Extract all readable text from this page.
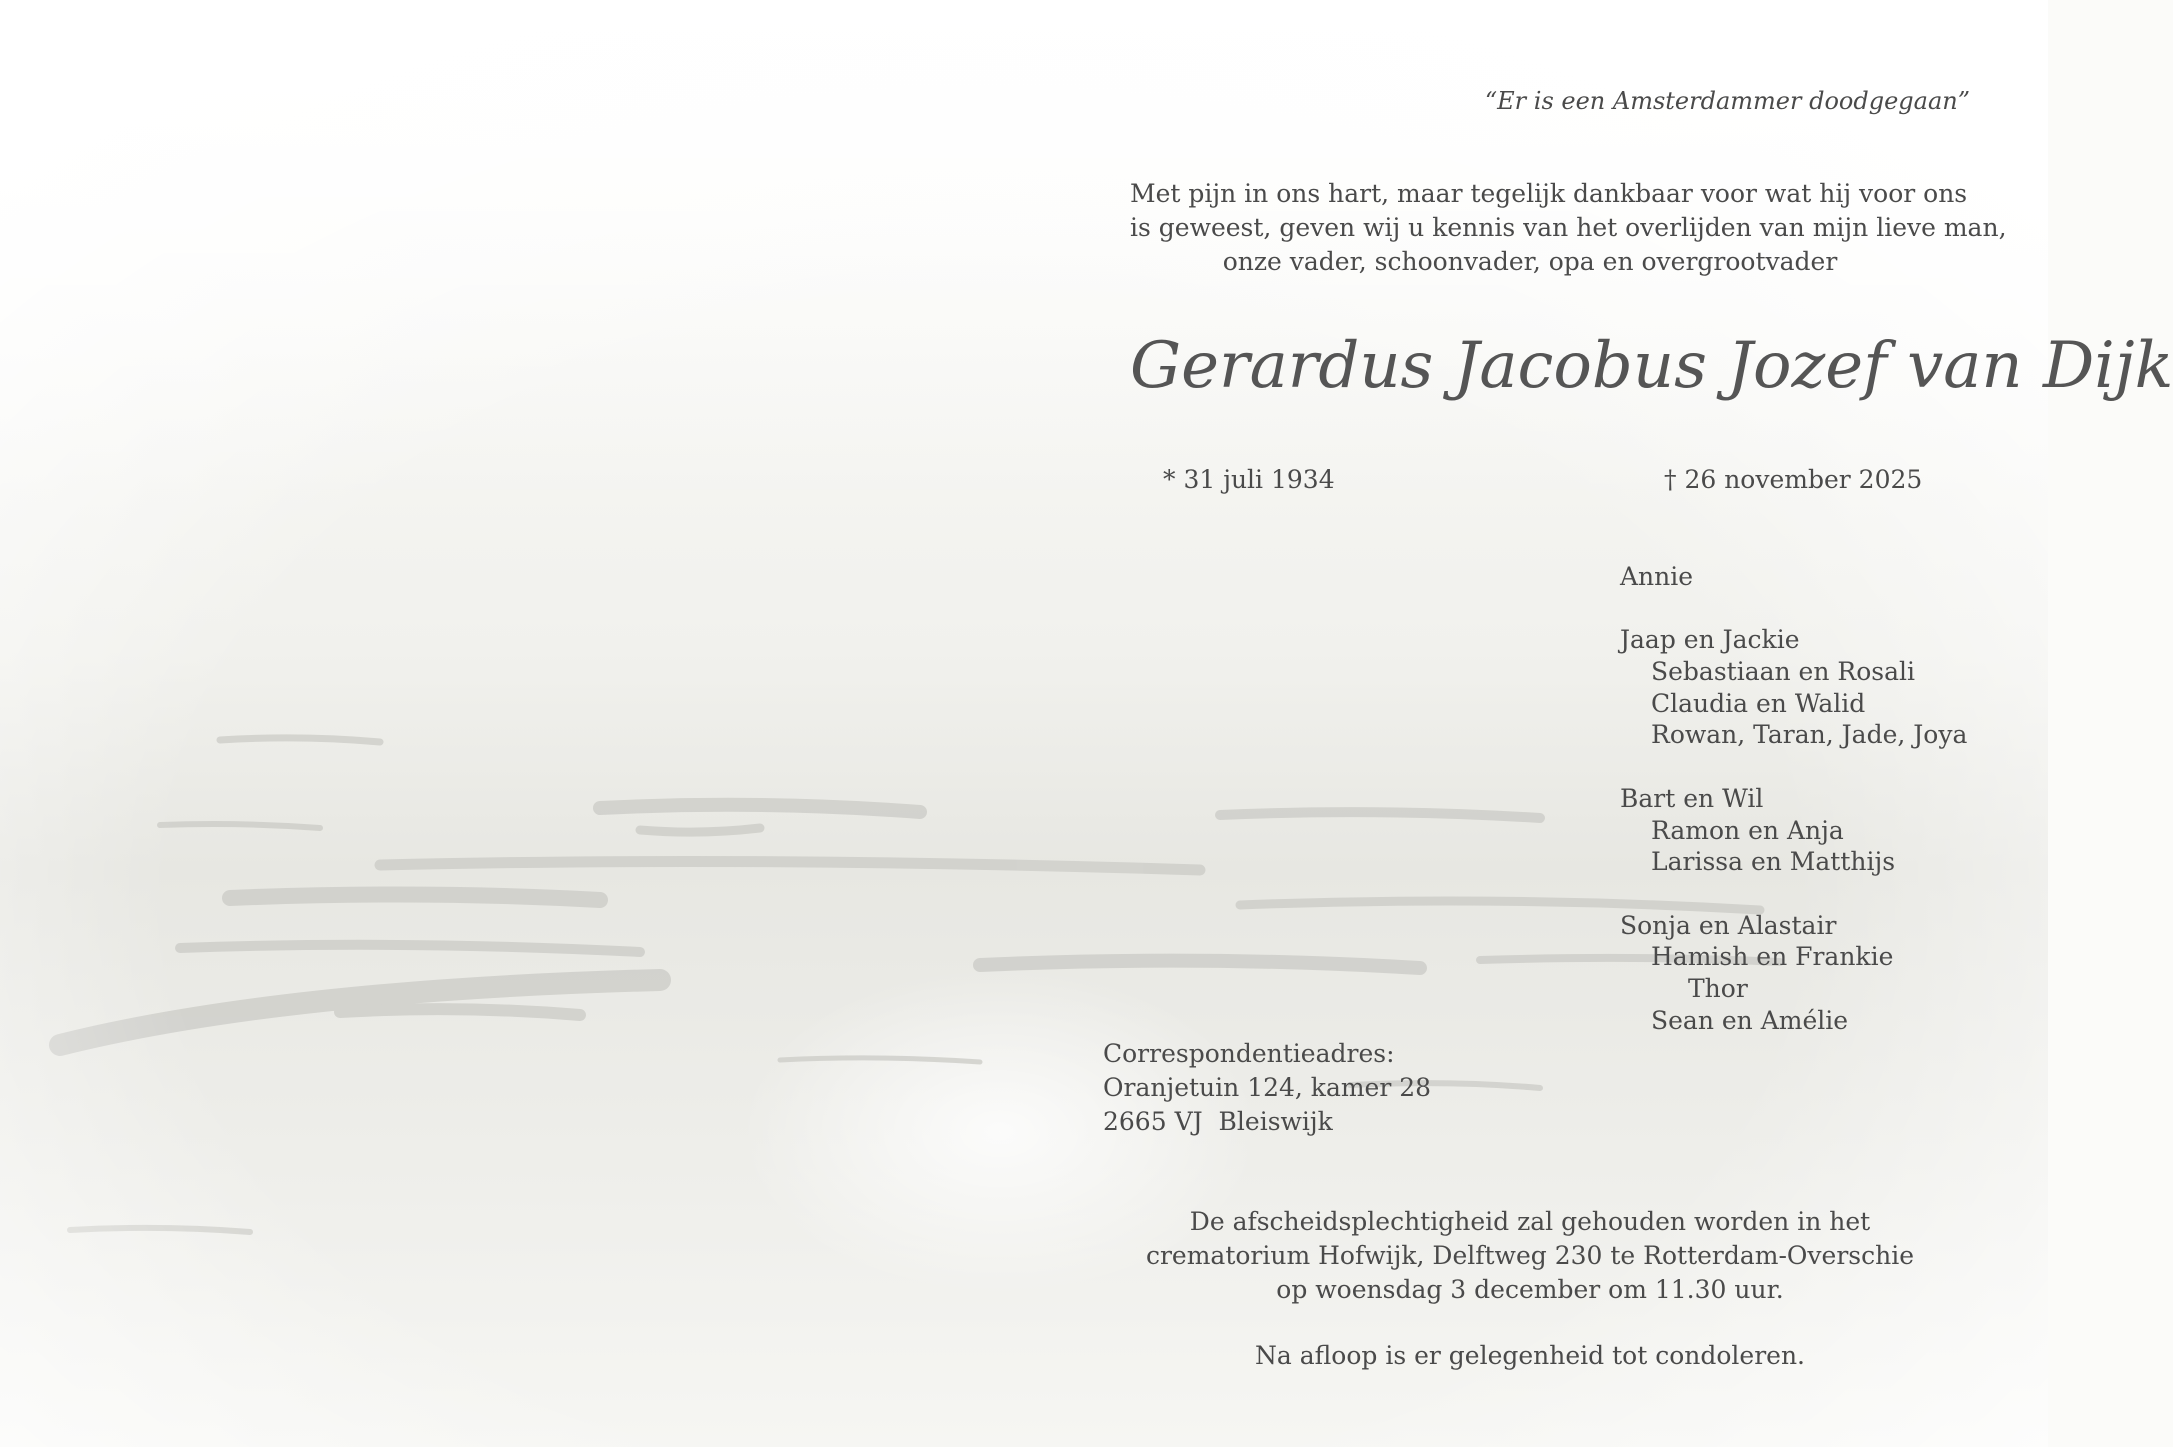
“Er is een Amsterdammer doodgegaan”
Met pijn in ons hart, maar tegelijk dankbaar voor wat hij voor ons
is geweest, geven wij u kennis van het overlijden van mijn lieve man,
onze vader, schoonvader, opa en overgrootvader
Gerardus Jacobus Jozef van Dijk
* 31 juli 1934	† 26 november 2025
Annie
Jaap en Jackie
Sebastiaan en Rosali
Claudia en Walid
Rowan, Taran, Jade, Joya
Bart en Wil
Ramon en Anja
Larissa en Matthijs
Sonja en Alastair
Hamish en Frankie
Thor
Sean en Amélie
Correspondentieadres:
Oranjetuin 124, kamer 28
2665 VJ  Bleiswijk
De afscheidsplechtigheid zal gehouden worden in het
crematorium Hofwijk, Delftweg 230 te Rotterdam-Overschie
op woensdag 3 december om 11.30 uur.
Na afloop is er gelegenheid tot condoleren.
